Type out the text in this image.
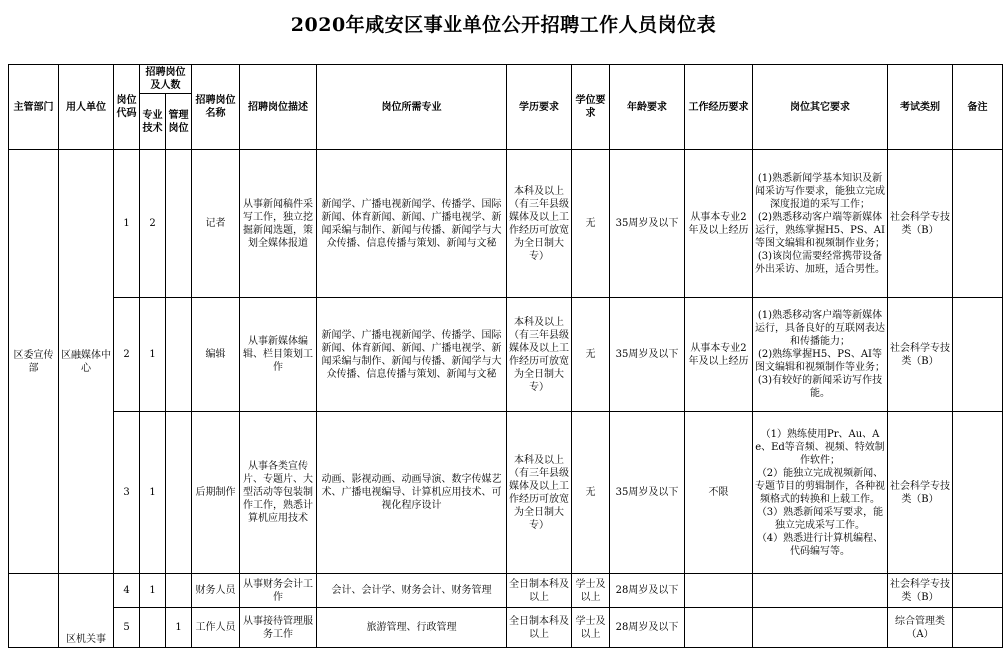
2020年咸安区事业单位公开招聘工作人员岗位表
主管部门	用人单位	岗位代码	招聘岗位及人数		招聘岗位名称	招聘岗位描述	岗位所需专业	学历要求	学位要求	年龄要求	工作经历要求	岗位其它要求	考试类别	备注
			专业技术	管理岗位										
区委宣传部	区融媒体中心	1	2		记者	从事新闻稿件采写工作，独立挖掘新闻选题，策划全媒体报道	新闻学、广播电视新闻学、传播学、国际新闻、体育新闻、新闻、广播电视学、新闻采编与制作、新闻与传播、新闻学与大众传播、信息传播与策划、新闻与文秘	本科及以上（有三年县级媒体及以上工作经历可放宽为全日制大专）	无	35周岁及以下	从事本专业2年及以上经历	(1)熟悉新闻学基本知识及新闻采访写作要求，能独立完成深度报道的采写工作；
(2)熟悉移动客户端等新媒体运行，熟练掌握H5、PS、AI等图文编辑和视频制作业务；
(3)该岗位需要经常携带设备外出采访、加班，适合男性。	社会科学专技类（B）	
		2	1		编辑	从事新媒体编辑、栏目策划工作	新闻学、广播电视新闻学、传播学、国际新闻、体育新闻、新闻、广播电视学、新闻采编与制作、新闻与传播、新闻学与大众传播、信息传播与策划、新闻与文秘	本科及以上（有三年县级媒体及以上工作经历可放宽为全日制大专）	无	35周岁及以下	从事本专业2年及以上经历	(1)熟悉移动客户端等新媒体运行，具备良好的互联网表达和传播能力；
(2)熟练掌握H5、PS、AI等图文编辑和视频制作等业务；
(3)有较好的新闻采访写作技能。	社会科学专技类（B）	
		3	1		后期制作	从事各类宣传片、专题片、大型活动等包装制作工作，熟悉计算机应用技术	动画、影视动画、动画导演、数字传媒艺术、广播电视编导、计算机应用技术、可视化程序设计	本科及以上（有三年县级媒体及以上工作经历可放宽为全日制大专）	无	35周岁及以下	不限	（1）熟练使用Pr、Au、Ae、Ed等音频、视频、特效制作软件；
（2）能独立完成视频新闻、专题节目的剪辑制作，各种视频格式的转换和上载工作。
（3）熟悉新闻采写要求，能独立完成采写工作。
（4）熟悉进行计算机编程、代码编写等。	社会科学专技类（B）	
	区机关事	4	1		财务人员	从事财务会计工作	会计、会计学、财务会计、财务管理	全日制本科及以上	学士及以上	28周岁及以下			社会科学专技类（B）	
		5		1	工作人员	从事接待管理服务工作	旅游管理、行政管理	全日制本科及以上	学士及以上	28周岁及以下			综合管理类（A）	
